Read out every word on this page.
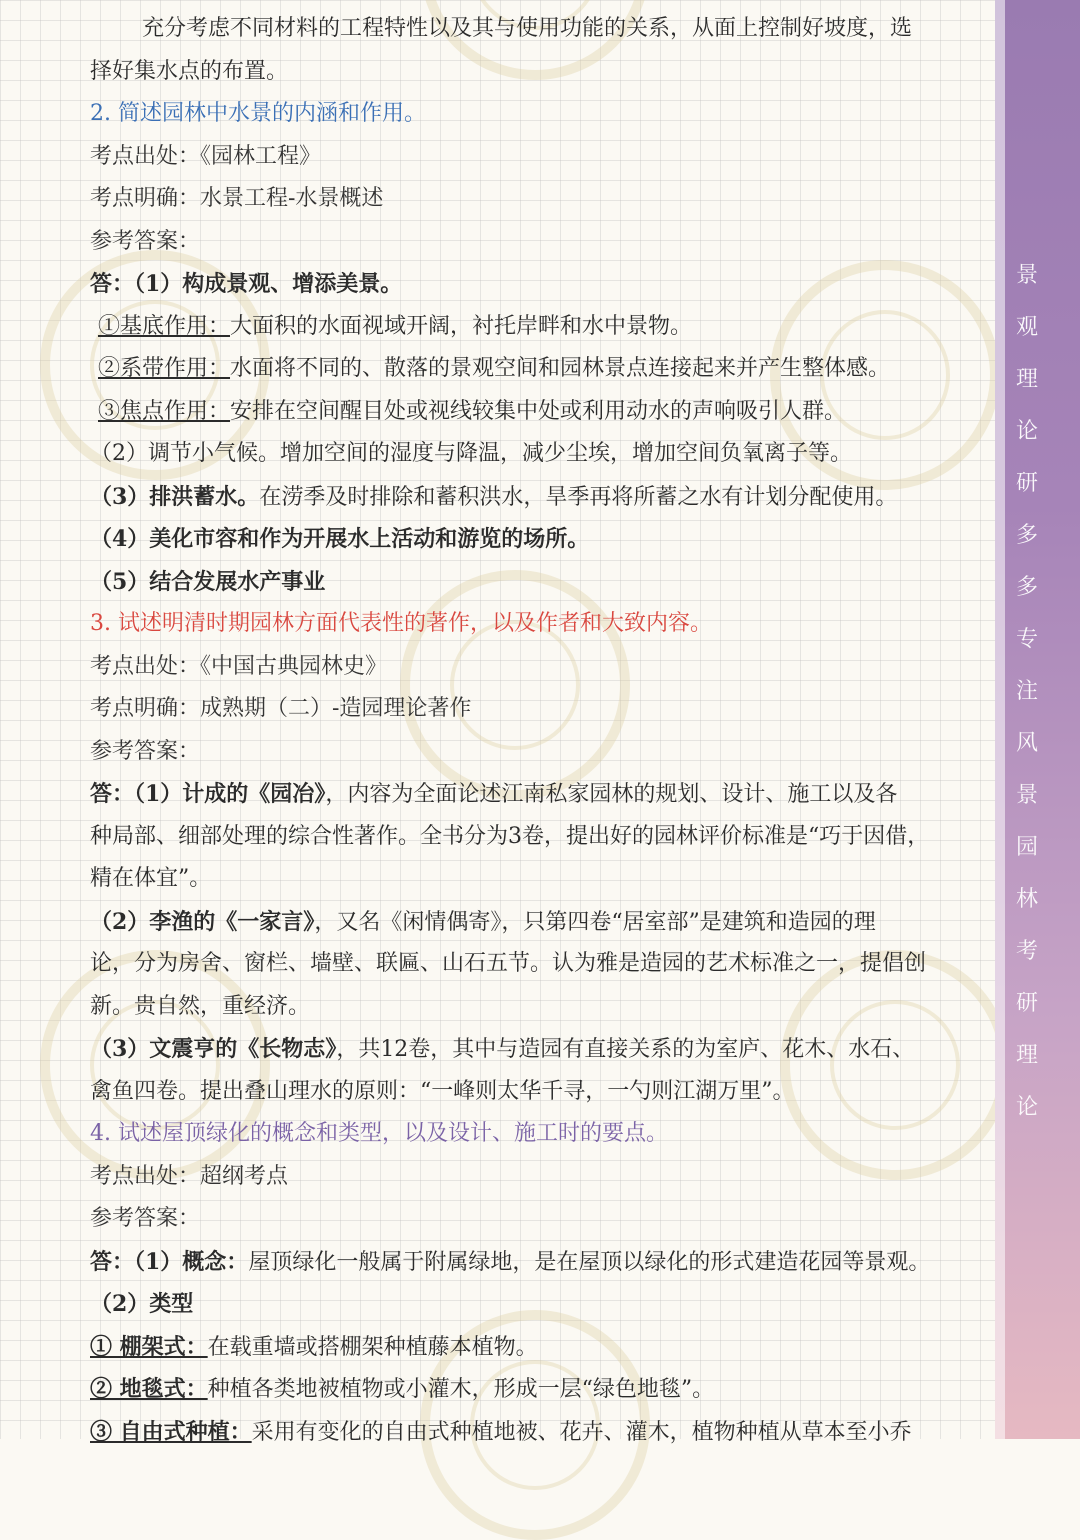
景
观
理
论
研
多
多
专
注
风
景
园
林
考
研
理
论
充分考虑不同材料的工程特性以及其与使用功能的关系，从面上控制好坡度，选
择好集水点的布置。
2. 简述园林中水景的内涵和作用。
考点出处：《园林工程》
考点明确：水景工程-水景概述
参考答案：
答：（1）构成景观、增添美景。
①基底作用：大面积的水面视域开阔，衬托岸畔和水中景物。
②系带作用：水面将不同的、散落的景观空间和园林景点连接起来并产生整体感。
③焦点作用：安排在空间醒目处或视线较集中处或利用动水的声响吸引人群。
（2）调节小气候。增加空间的湿度与降温，减少尘埃，增加空间负氧离子等。
（3）排洪蓄水。在涝季及时排除和蓄积洪水，旱季再将所蓄之水有计划分配使用。
（4）美化市容和作为开展水上活动和游览的场所。
（5）结合发展水产事业
3. 试述明清时期园林方面代表性的著作，以及作者和大致内容。
考点出处：《中国古典园林史》
考点明确：成熟期（二）-造园理论著作
参考答案：
答：（1）计成的《园冶》，内容为全面论述江南私家园林的规划、设计、施工以及各
种局部、细部处理的综合性著作。全书分为3卷，提出好的园林评价标准是“巧于因借，
精在体宜”。
（2）李渔的《一家言》，又名《闲情偶寄》，只第四卷“居室部”是建筑和造园的理
论，分为房舍、窗栏、墙壁、联匾、山石五节。认为雅是造园的艺术标准之一，提倡创
新。贵自然，重经济。
（3）文震亨的《长物志》，共12卷，其中与造园有直接关系的为室庐、花木、水石、
禽鱼四卷。提出叠山理水的原则：“一峰则太华千寻，一勺则江湖万里”。
4. 试述屋顶绿化的概念和类型，以及设计、施工时的要点。
考点出处：超纲考点
参考答案：
答：（1）概念：屋顶绿化一般属于附属绿地，是在屋顶以绿化的形式建造花园等景观。
（2）类型
① 棚架式：在载重墙或搭棚架种植藤本植物。
② 地毯式：种植各类地被植物或小灌木，形成一层“绿色地毯”。
③ 自由式种植：采用有变化的自由式种植地被、花卉、灌木，植物种植从草本至小乔
